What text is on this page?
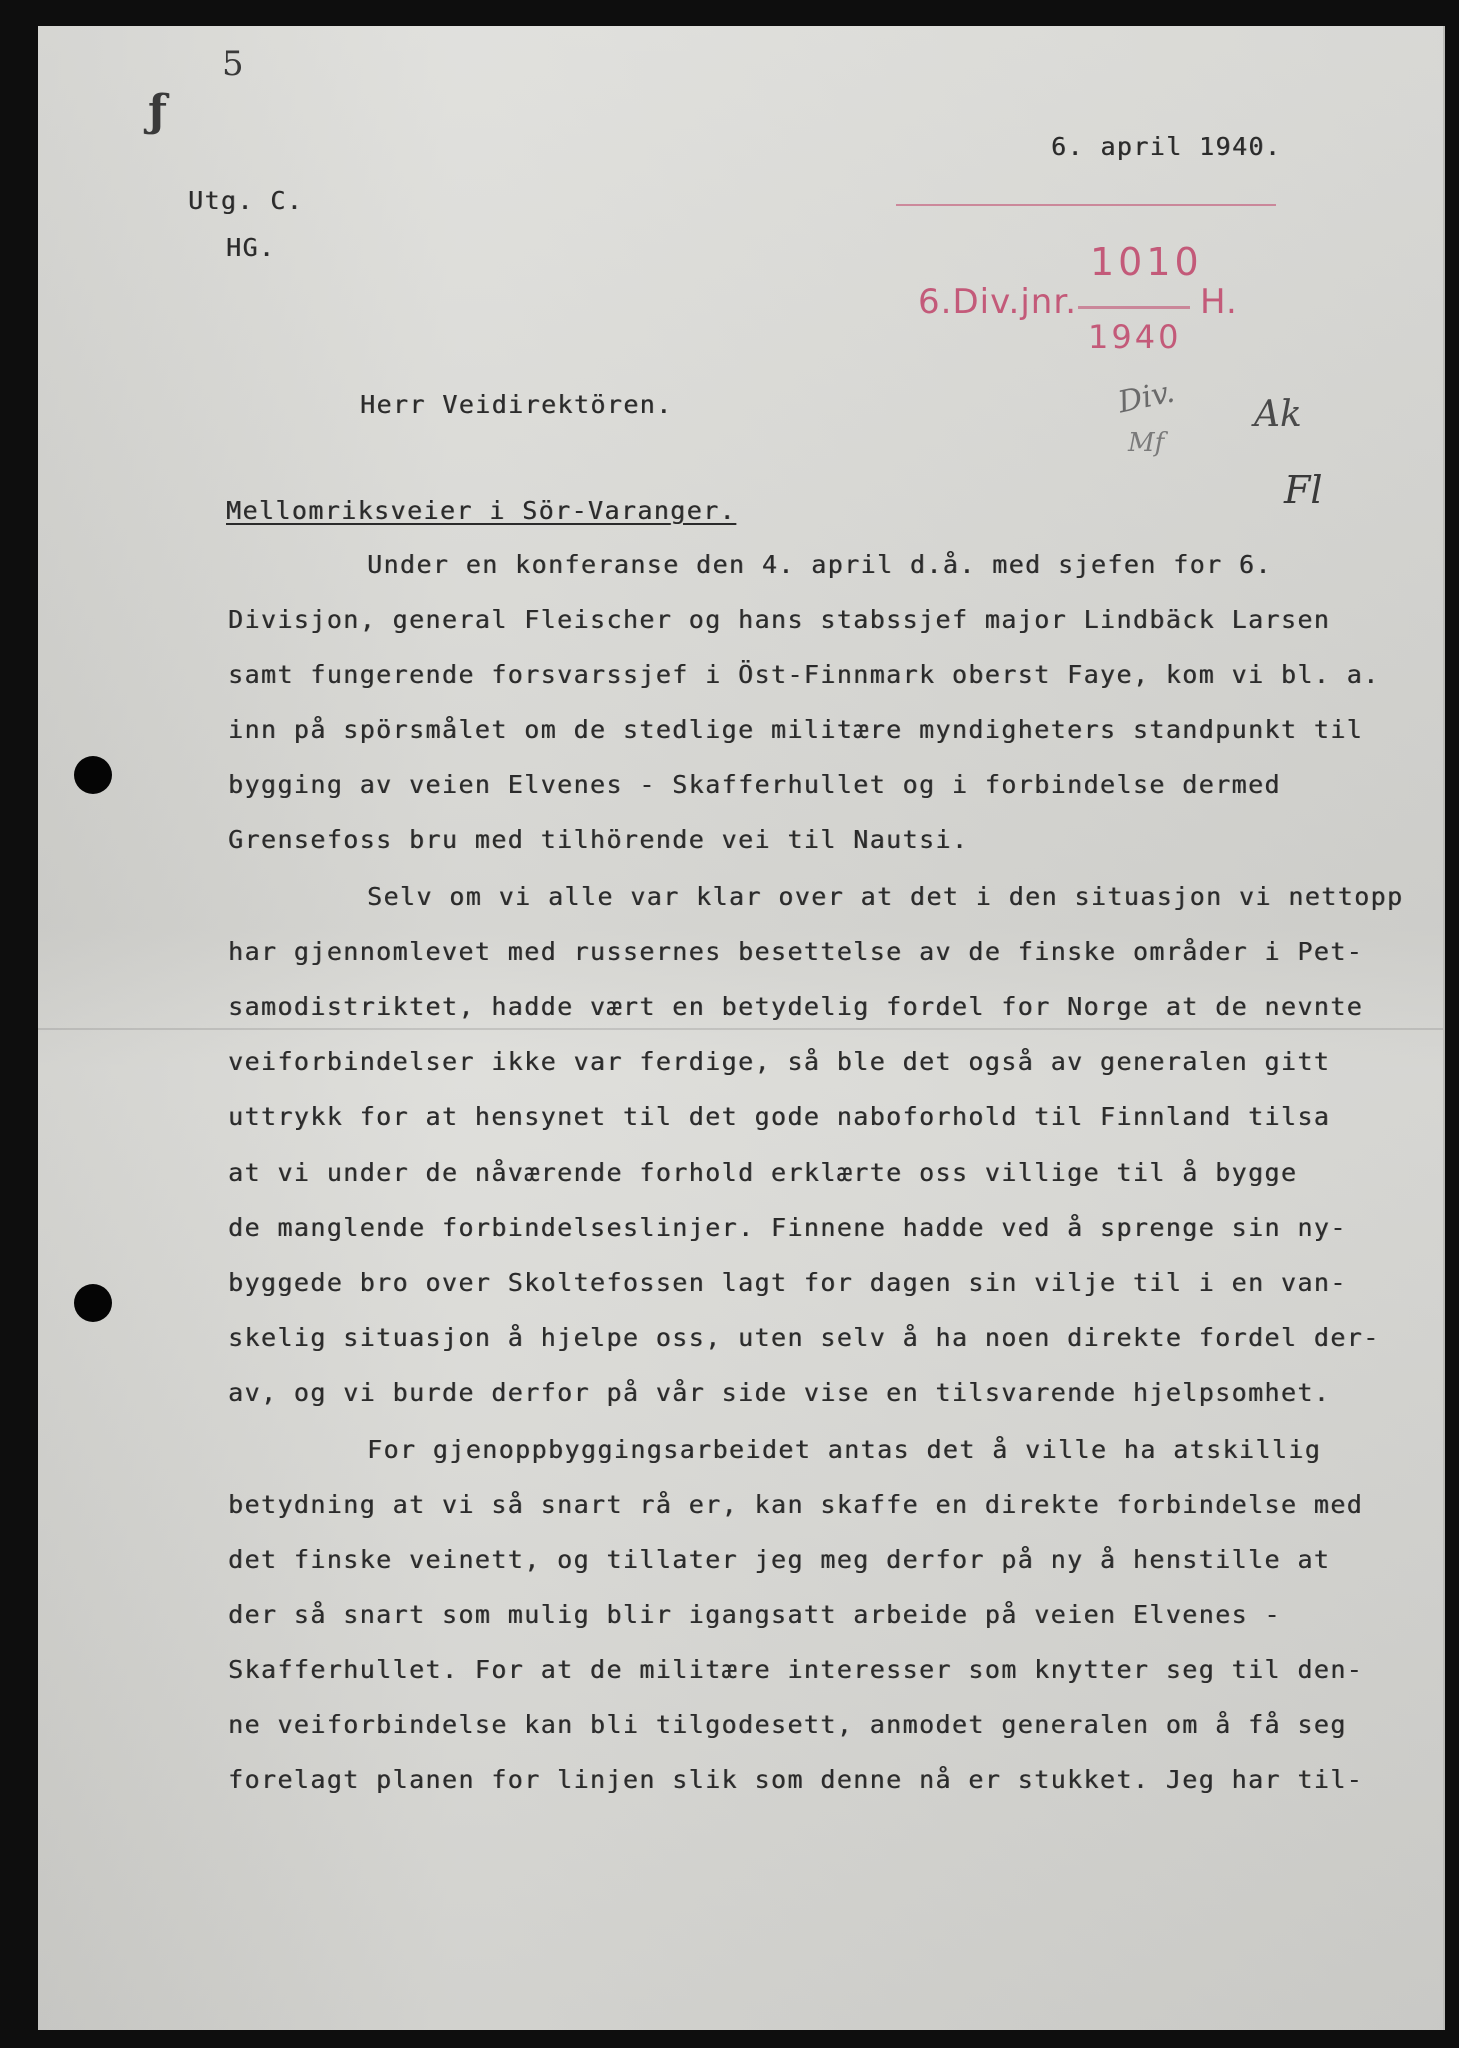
5
ƒ
6. april 1940.
Utg. C.
HG.	1010
6.Div.jnr.	H.
1940
Div. Ak
Mf
Fl
Herr Veidirektören.
Mellomriksveier i Sör-Varanger.
Under en konferanse den 4. april d.å. med sjefen for 6.
Divisjon, general Fleischer og hans stabssjef major Lindbäck Larsen
samt fungerende forsvarssjef i Öst-Finnmark oberst Faye, kom vi bl. a.
inn på spörsmålet om de stedlige militære myndigheters standpunkt til
bygging av veien Elvenes - Skafferhullet og i forbindelse dermed
Grensefoss bru med tilhörende vei til Nautsi.
Selv om vi alle var klar over at det i den situasjon vi nettopp
har gjennomlevet med russernes besettelse av de finske områder i Pet-
samodistriktet, hadde vært en betydelig fordel for Norge at de nevnte
veiforbindelser ikke var ferdige, så ble det også av generalen gitt
uttrykk for at hensynet til det gode naboforhold til Finnland tilsa
at vi under de nåværende forhold erklærte oss villige til å bygge
de manglende forbindelseslinjer. Finnene hadde ved å sprenge sin ny-
byggede bro over Skoltefossen lagt for dagen sin vilje til i en van-
skelig situasjon å hjelpe oss, uten selv å ha noen direkte fordel der-
av, og vi burde derfor på vår side vise en tilsvarende hjelpsomhet.
For gjenoppbyggingsarbeidet antas det å ville ha atskillig
betydning at vi så snart rå er, kan skaffe en direkte forbindelse med
det finske veinett, og tillater jeg meg derfor på ny å henstille at
der så snart som mulig blir igangsatt arbeide på veien Elvenes -
Skafferhullet. For at de militære interesser som knytter seg til den-
ne veiforbindelse kan bli tilgodesett, anmodet generalen om å få seg
forelagt planen for linjen slik som denne nå er stukket. Jeg har til-
